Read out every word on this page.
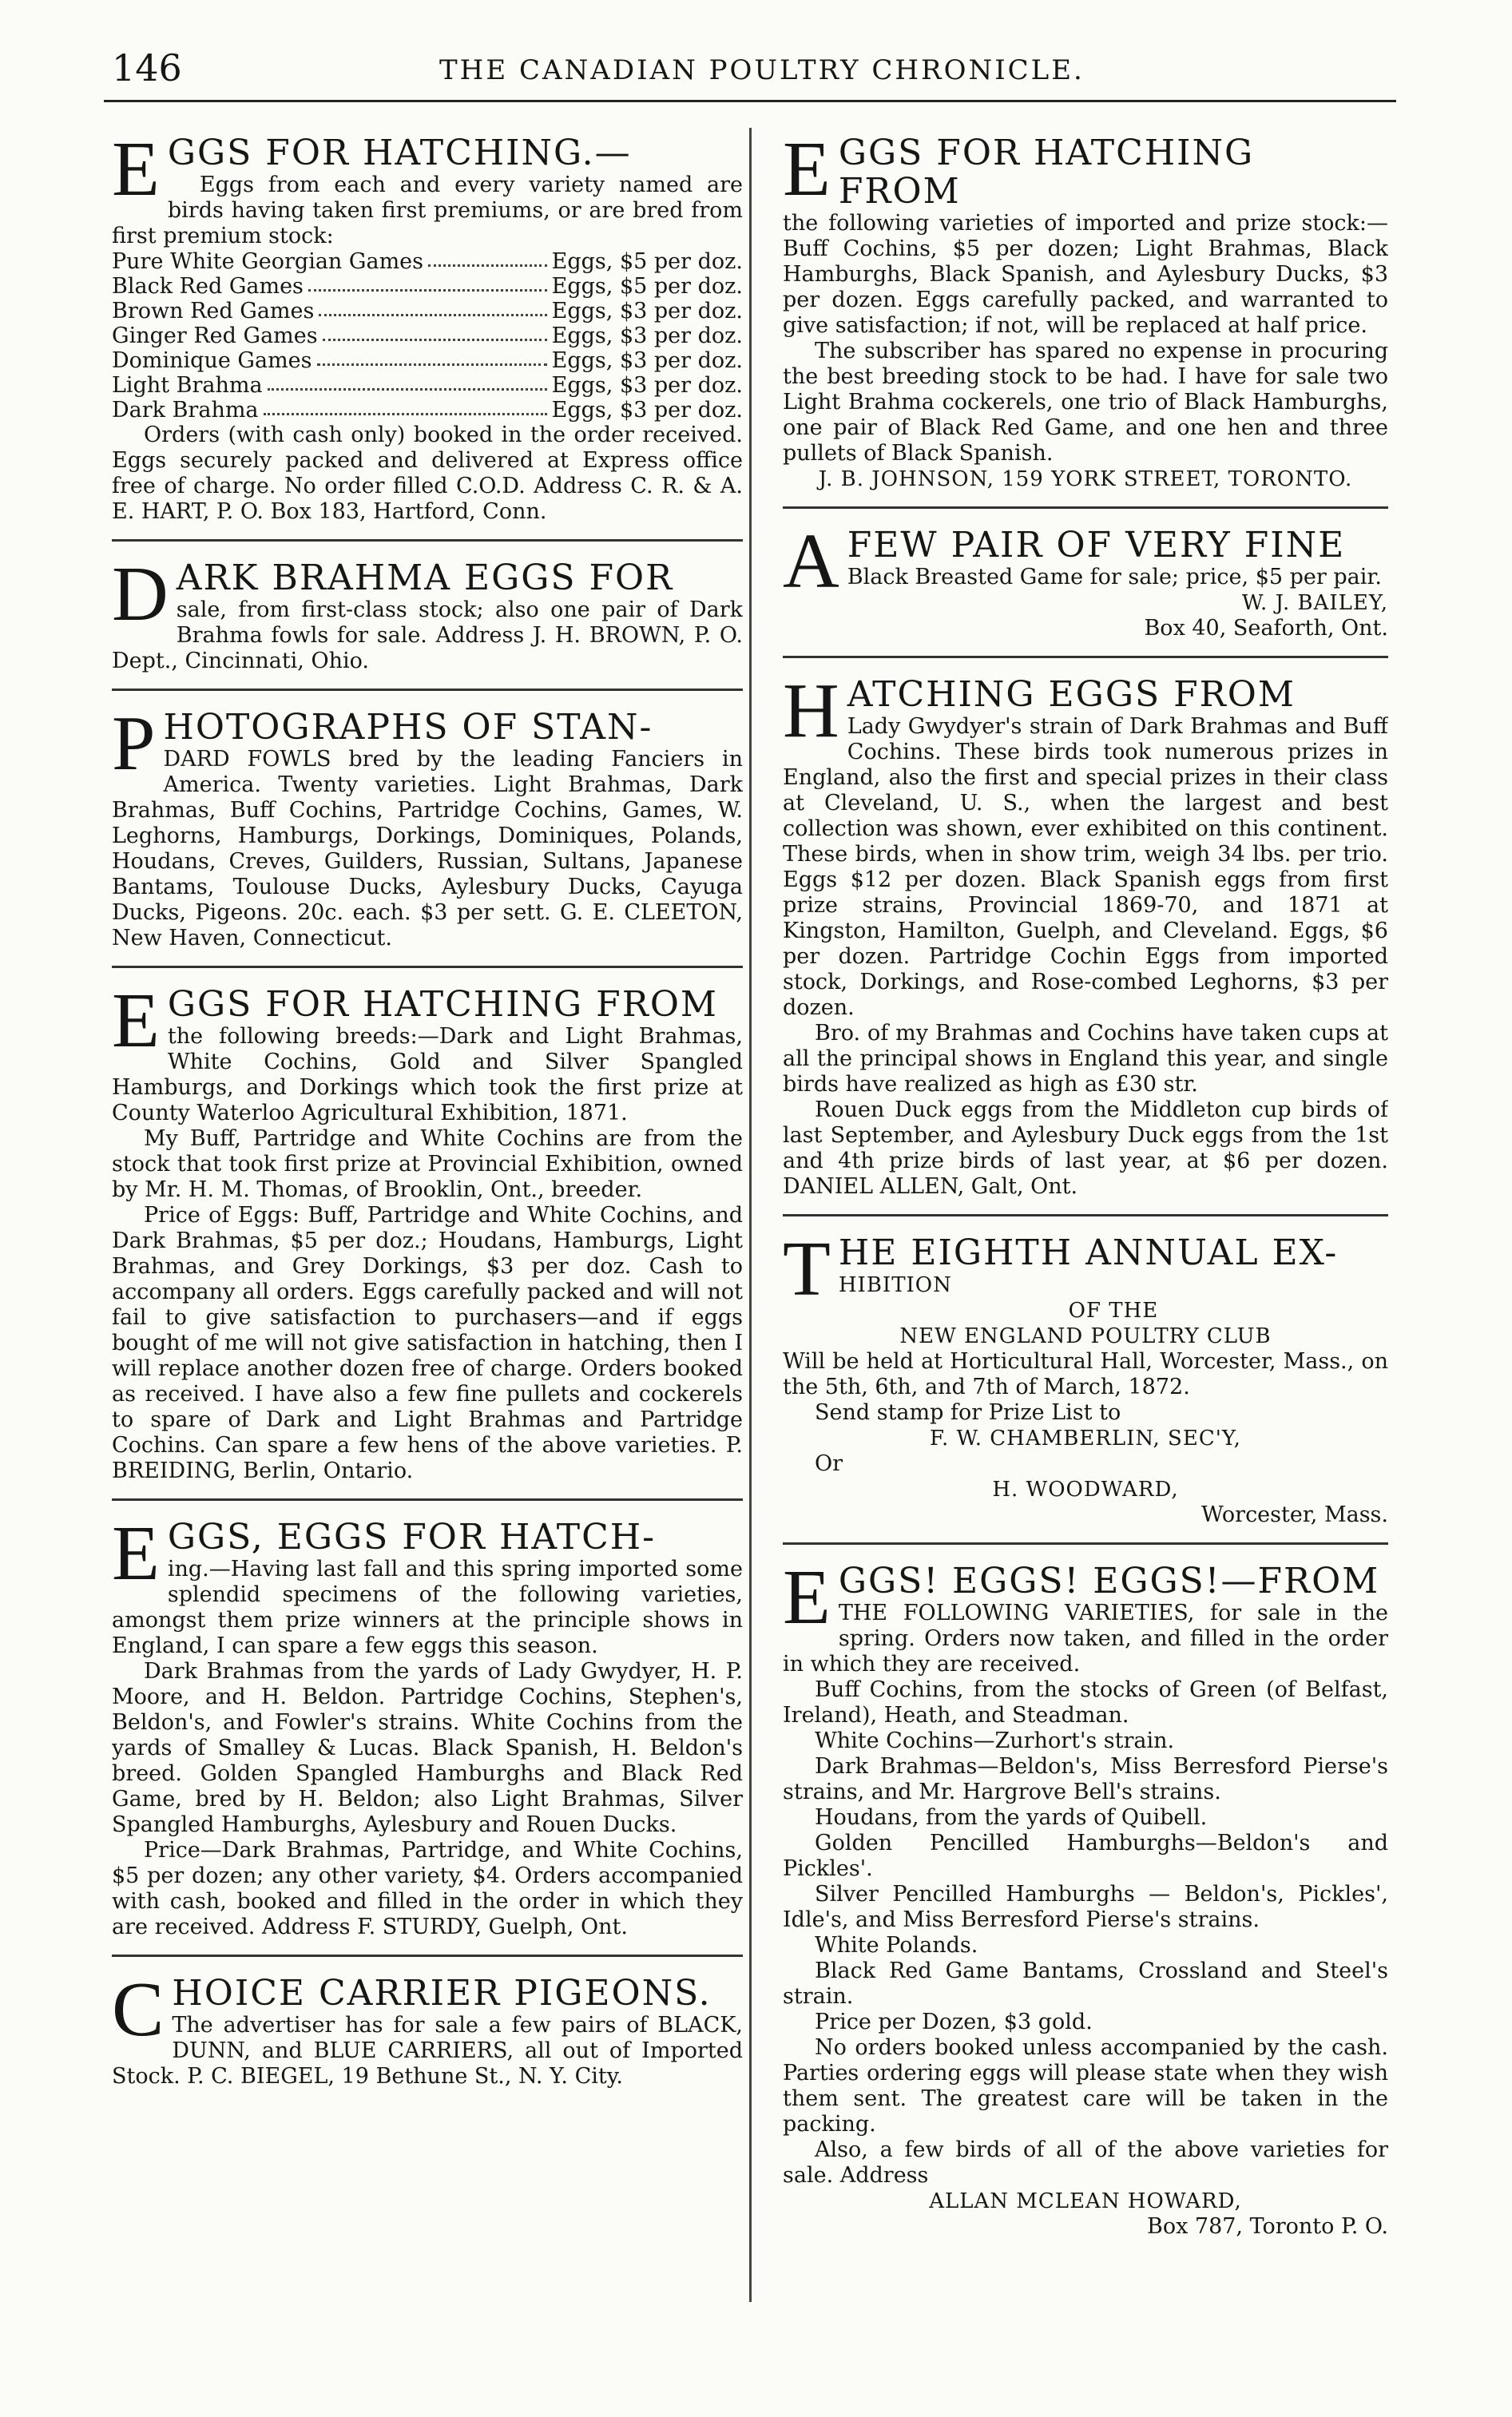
146	THE CANADIAN POULTRY CHRONICLE.
E GGS FOR HATCHING.—

Eggs from each and every variety named are birds having taken first premiums, or are bred from first premium stock:

Pure White Georgian Games	Eggs, $5 per doz.
Black Red Games	Eggs, $5 per doz.
Brown Red Games	Eggs, $3 per doz.
Ginger Red Games	Eggs, $3 per doz.
Dominique Games	Eggs, $3 per doz.
Light Brahma	Eggs, $3 per doz.
Dark Brahma	Eggs, $3 per doz.

Orders (with cash only) booked in the order received. Eggs securely packed and delivered at Express office free of charge. No order filled C.O.D. Address C. R. & A. E. HART, P. O. Box 183, Hartford, Conn.

D ARK BRAHMA EGGS FOR

sale, from first-class stock; also one pair of Dark Brahma fowls for sale. Address J. H. BROWN, P. O. Dept., Cincinnati, Ohio.

P HOTOGRAPHS OF STAN-

DARD FOWLS bred by the leading Fanciers in America. Twenty varieties. Light Brahmas, Dark Brahmas, Buff Cochins, Partridge Cochins, Games, W. Leghorns, Hamburgs, Dorkings, Dominiques, Polands, Houdans, Creves, Guilders, Russian, Sultans, Japanese Bantams, Toulouse Ducks, Aylesbury Ducks, Cayuga Ducks, Pigeons. 20c. each. $3 per sett. G. E. CLEETON, New Haven, Connecticut.

E GGS FOR HATCHING FROM

the following breeds:—Dark and Light Brahmas, White Cochins, Gold and Silver Spangled Hamburgs, and Dorkings which took the first prize at County Waterloo Agricultural Exhibition, 1871.

My Buff, Partridge and White Cochins are from the stock that took first prize at Provincial Exhibition, owned by Mr. H. M. Thomas, of Brooklin, Ont., breeder.

Price of Eggs: Buff, Partridge and White Cochins, and Dark Brahmas, $5 per doz.; Houdans, Hamburgs, Light Brahmas, and Grey Dorkings, $3 per doz. Cash to accompany all orders. Eggs carefully packed and will not fail to give satisfaction to purchasers—and if eggs bought of me will not give satisfaction in hatching, then I will replace another dozen free of charge. Orders booked as received. I have also a few fine pullets and cockerels to spare of Dark and Light Brahmas and Partridge Cochins. Can spare a few hens of the above varieties. P. BREIDING, Berlin, Ontario.

E GGS, EGGS FOR HATCH-

ing.—Having last fall and this spring imported some splendid specimens of the following varieties, amongst them prize winners at the principle shows in England, I can spare a few eggs this season.

Dark Brahmas from the yards of Lady Gwydyer, H. P. Moore, and H. Beldon. Partridge Cochins, Stephen's, Beldon's, and Fowler's strains. White Cochins from the yards of Smalley & Lucas. Black Spanish, H. Beldon's breed. Golden Spangled Hamburghs and Black Red Game, bred by H. Beldon; also Light Brahmas, Silver Spangled Hamburghs, Aylesbury and Rouen Ducks.

Price—Dark Brahmas, Partridge, and White Cochins, $5 per dozen; any other variety, $4. Orders accompanied with cash, booked and filled in the order in which they are received. Address F. STURDY, Guelph, Ont.

C HOICE CARRIER PIGEONS.

The advertiser has for sale a few pairs of BLACK, DUNN, and BLUE CARRIERS, all out of Imported Stock. P. C. BIEGEL, 19 Bethune St., N. Y. City.

E GGS FOR HATCHING FROM

the following varieties of imported and prize stock:—Buff Cochins, $5 per dozen; Light Brahmas, Black Hamburghs, Black Spanish, and Aylesbury Ducks, $3 per dozen. Eggs carefully packed, and warranted to give satisfaction; if not, will be replaced at half price.

The subscriber has spared no expense in procuring the best breeding stock to be had. I have for sale two Light Brahma cockerels, one trio of Black Hamburghs, one pair of Black Red Game, and one hen and three pullets of Black Spanish.

J. B. JOHNSON, 159 YORK STREET, TORONTO.

A FEW PAIR OF VERY FINE

Black Breasted Game for sale; price, $5 per pair.

W. J. BAILEY,

Box 40, Seaforth, Ont.

H ATCHING EGGS FROM

Lady Gwydyer's strain of Dark Brahmas and Buff Cochins. These birds took numerous prizes in England, also the first and special prizes in their class at Cleveland, U. S., when the largest and best collection was shown, ever exhibited on this continent. These birds, when in show trim, weigh 34 lbs. per trio. Eggs $12 per dozen. Black Spanish eggs from first prize strains, Provincial 1869-70, and 1871 at Kingston, Hamilton, Guelph, and Cleveland. Eggs, $6 per dozen. Partridge Cochin Eggs from imported stock, Dorkings, and Rose-combed Leghorns, $3 per dozen.

Bro. of my Brahmas and Cochins have taken cups at all the principal shows in England this year, and single birds have realized as high as £30 str.

Rouen Duck eggs from the Middleton cup birds of last September, and Aylesbury Duck eggs from the 1st and 4th prize birds of last year, at $6 per dozen. DANIEL ALLEN, Galt, Ont.

T HE EIGHTH ANNUAL EX-

HIBITION

OF THE

NEW ENGLAND POULTRY CLUB

Will be held at Horticultural Hall, Worcester, Mass., on the 5th, 6th, and 7th of March, 1872.

Send stamp for Prize List to

F. W. CHAMBERLIN, SEC'Y,

Or

H. WOODWARD,

Worcester, Mass.

E GGS! EGGS! EGGS!—FROM

THE FOLLOWING VARIETIES, for sale in the spring. Orders now taken, and filled in the order in which they are received.

Buff Cochins, from the stocks of Green (of Belfast, Ireland), Heath, and Steadman.

White Cochins—Zurhort's strain.

Dark Brahmas—Beldon's, Miss Berresford Pierse's strains, and Mr. Hargrove Bell's strains.

Houdans, from the yards of Quibell.

Golden Pencilled Hamburghs—Beldon's and Pickles'.

Silver Pencilled Hamburghs — Beldon's, Pickles', Idle's, and Miss Berresford Pierse's strains.

White Polands.

Black Red Game Bantams, Crossland and Steel's strain.

Price per Dozen, $3 gold.

No orders booked unless accompanied by the cash. Parties ordering eggs will please state when they wish them sent. The greatest care will be taken in the packing.

Also, a few birds of all of the above varieties for sale. Address

ALLAN MCLEAN HOWARD,

Box 787, Toronto P. O.
